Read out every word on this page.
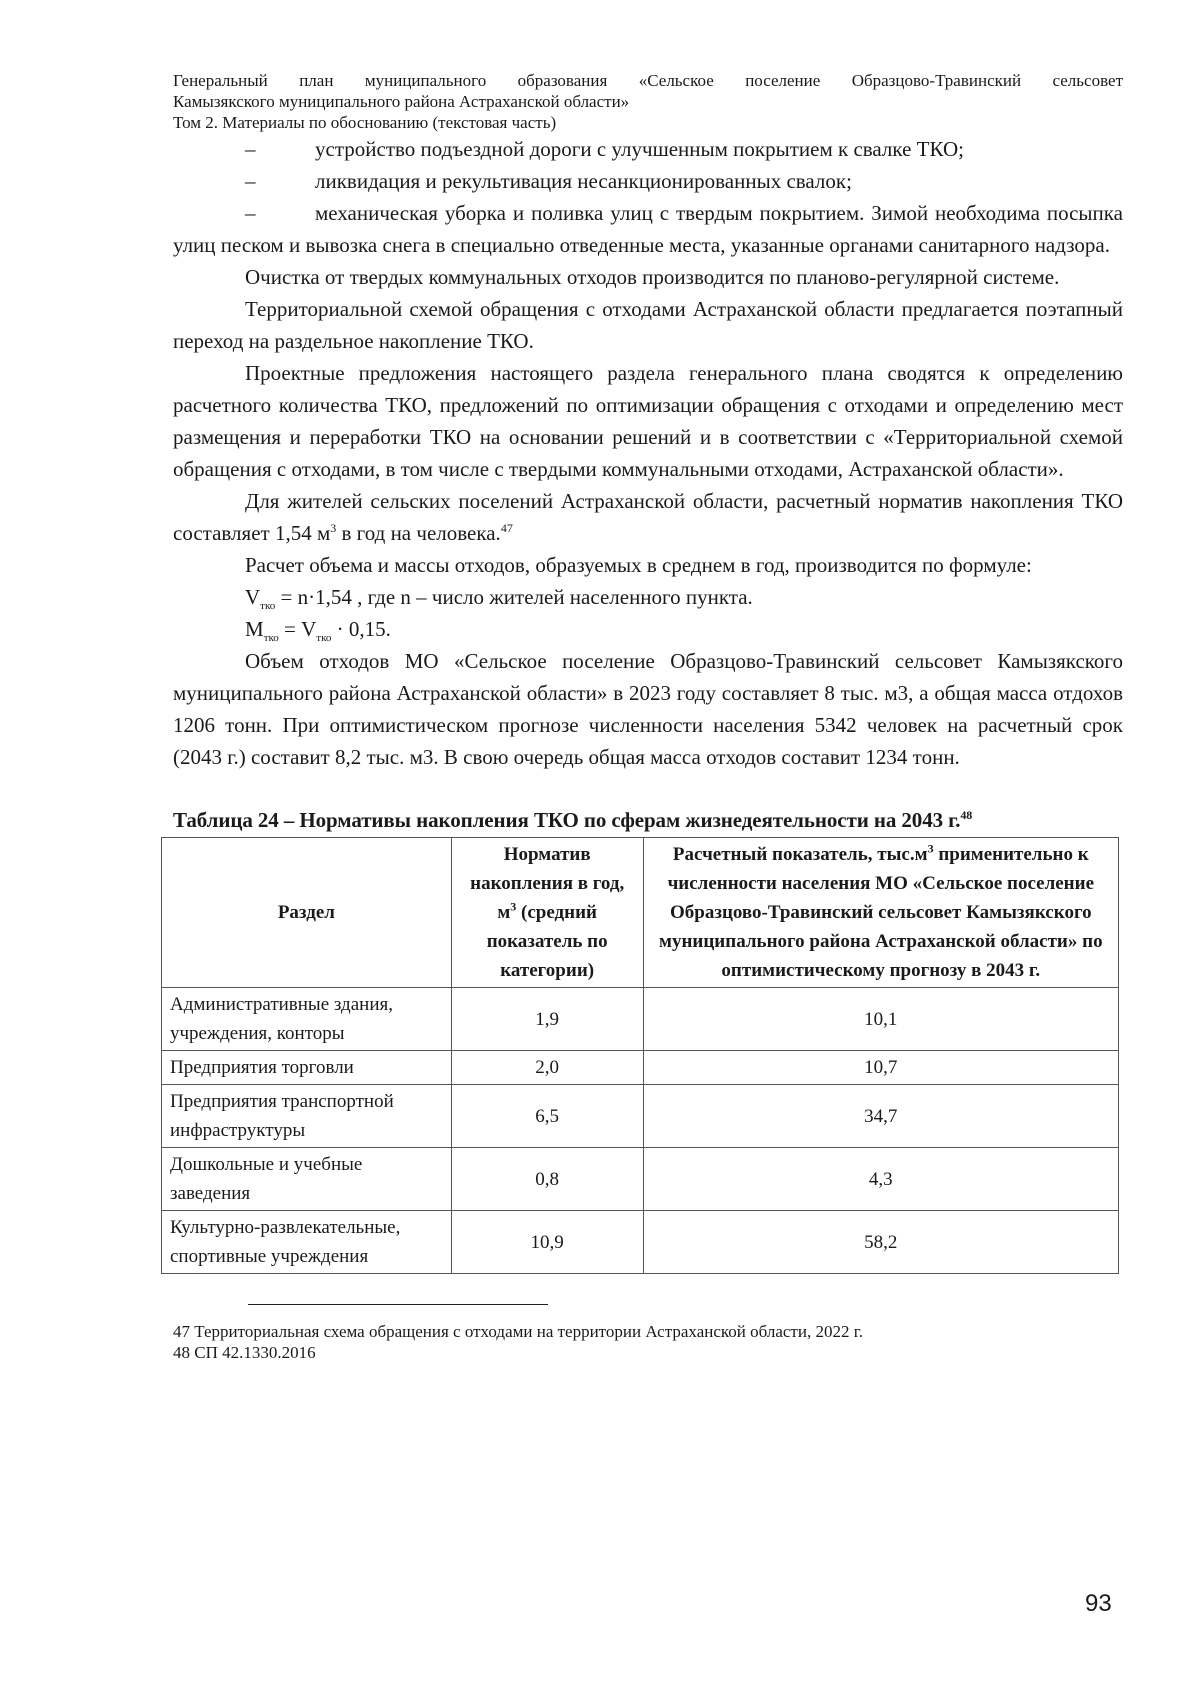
Генеральный план муниципального образования «Сельское поселение Образцово-Травинский сельсовет
Камызякского муниципального района Астраханской области»
Том 2. Материалы по обоснованию (текстовая часть)

–	устройство подъездной дороги с улучшенным покрытием к свалке ТКО;

–	ликвидация и рекультивация несанкционированных свалок;

–	механическая уборка и поливка улиц с твердым покрытием. Зимой необходима посыпка улиц песком и вывозка снега в специально отведенные места, указанные органами санитарного надзора.

Очистка от твердых коммунальных отходов производится по планово-регулярной системе.

Территориальной схемой обращения с отходами Астраханской области предлагается поэтапный переход на раздельное накопление ТКО.

Проектные предложения настоящего раздела генерального плана сводятся к определению расчетного количества ТКО, предложений по оптимизации обращения с отходами и определению мест размещения и переработки ТКО на основании решений и в соответствии с «Территориальной схемой обращения с отходами, в том числе с твердыми коммунальными отходами, Астраханской области».

Для жителей сельских поселений Астраханской области, расчетный норматив накопления ТКО составляет 1,54 $м^3$ в год на человека.$^{47}$

Расчет объема и массы отходов, образуемых в среднем в год, производится по формуле:

$V_{тко} = n\cdot 1,54$ , где n – число жителей населенного пункта.

$M_{тко} = V_{тко} \cdot 0,15$.

Объем отходов МО «Сельское поселение Образцово-Травинский сельсовет Камызякского муниципального района Астраханской области» в 2023 году составляет 8 тыс. м3, а общая масса отдохов 1206 тонн. При оптимистическом прогнозе численности населения 5342 человек на расчетный срок (2043 г.) составит 8,2 тыс. м3. В свою очередь общая масса отходов составит 1234 тонн.

Таблица 24 – Нормативы накопления ТКО по сферам жизнедеятельности на 2043 г.$^{48}$
Раздел	Норматив накопления в год, $м^3$ (средний показатель по категории)	Расчетный показатель, $тыс.м^3$ применительно к численности населения МО «Сельское поселение Образцово-Травинский сельсовет Камызякского муниципального района Астраханской области» по оптимистическому прогнозу в 2043 г.
Административные здания, учреждения, конторы	1,9	10,1
Предприятия торговли	2,0	10,7
Предприятия транспортной инфраструктуры	6,5	34,7
Дошкольные и учебные заведения	0,8	4,3
Культурно-развлекательные, спортивные учреждения	10,9	58,2
47 Территориальная схема обращения с отходами на территории Астраханской области, 2022 г.
48 СП 42.1330.2016
93
